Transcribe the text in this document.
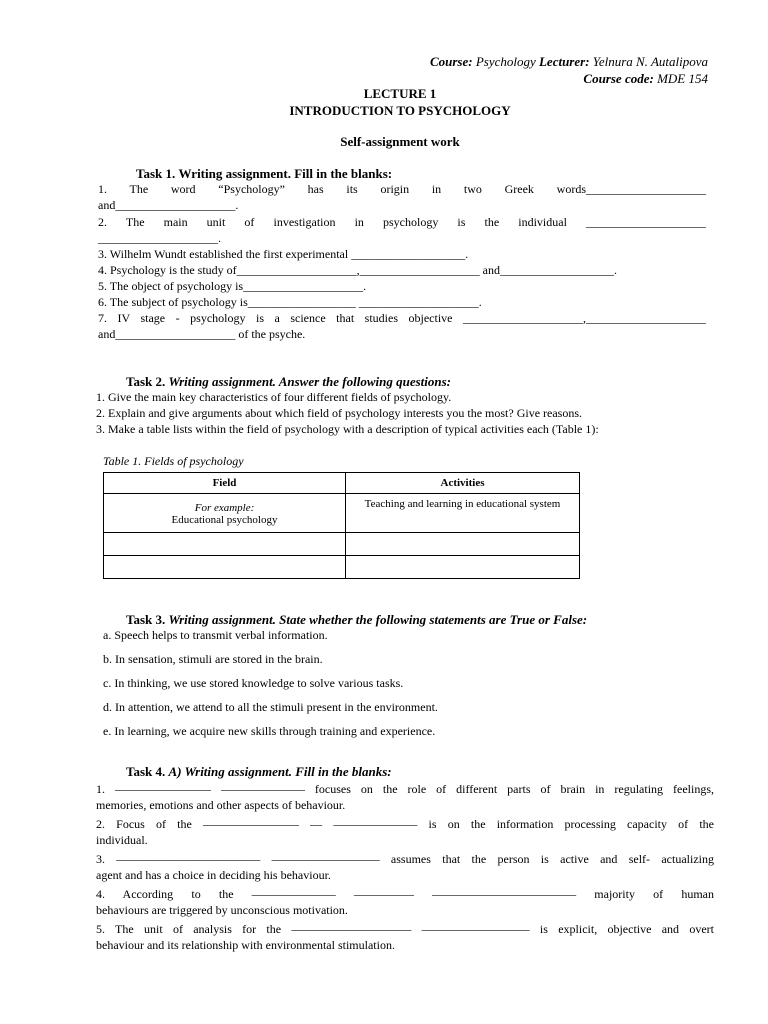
Course: Psychology Lecturer: Yelnura N. Autalipova
Course code: MDE 154
LECTURE 1
INTRODUCTION TO PSYCHOLOGY
Self-assignment work
Task 1. Writing assignment. Fill in the blanks:
1. The word “Psychology” has its origin in two Greek words____________________
and____________________.
2. The main unit of investigation in psychology is the individual ____________________
____________________.
3. Wilhelm Wundt established the first experimental ___________________.
4. Psychology is the study of____________________,____________________ and___________________.
5. The object of psychology is____________________.
6. The subject of psychology is__________________ ____________________.
7. IV stage - psychology is a science that studies objective ____________________,____________________
and____________________ of the psyche.
Task 2. Writing assignment. Answer the following questions:
1. Give the main key characteristics of four different fields of psychology.
2. Explain and give arguments about which field of psychology interests you the most? Give reasons.
3. Make a table lists within the field of psychology with a description of typical activities each (Table 1):
Table 1. Fields of psychology
Field	Activities

For example:
Educational psychology	Teaching and learning in educational system

Task 3. Writing assignment. State whether the following statements are True or False:
a. Speech helps to transmit verbal information.
b. In sensation, stimuli are stored in the brain.
c. In thinking, we use stored knowledge to solve various tasks.
d. In attention, we attend to all the stimuli present in the environment.
e. In learning, we acquire new skills through training and experience.
Task 4. A) Writing assignment. Fill in the blanks:
1. ———————— ——————— focuses on the role of different parts of brain in regulating feelings,
memories, emotions and other aspects of behaviour.
2. Focus of the ———————— — ——————— is on the information processing capacity of the
individual.
3. ———————————— ————————— assumes that the person is active and self- actualizing
agent and has a choice in deciding his behaviour.
4. According to the ——————— ————— ———————————— majority of human
behaviours are triggered by unconscious motivation.
5. The unit of analysis for the —————————— ————————— is explicit, objective and overt
behaviour and its relationship with environmental stimulation.
